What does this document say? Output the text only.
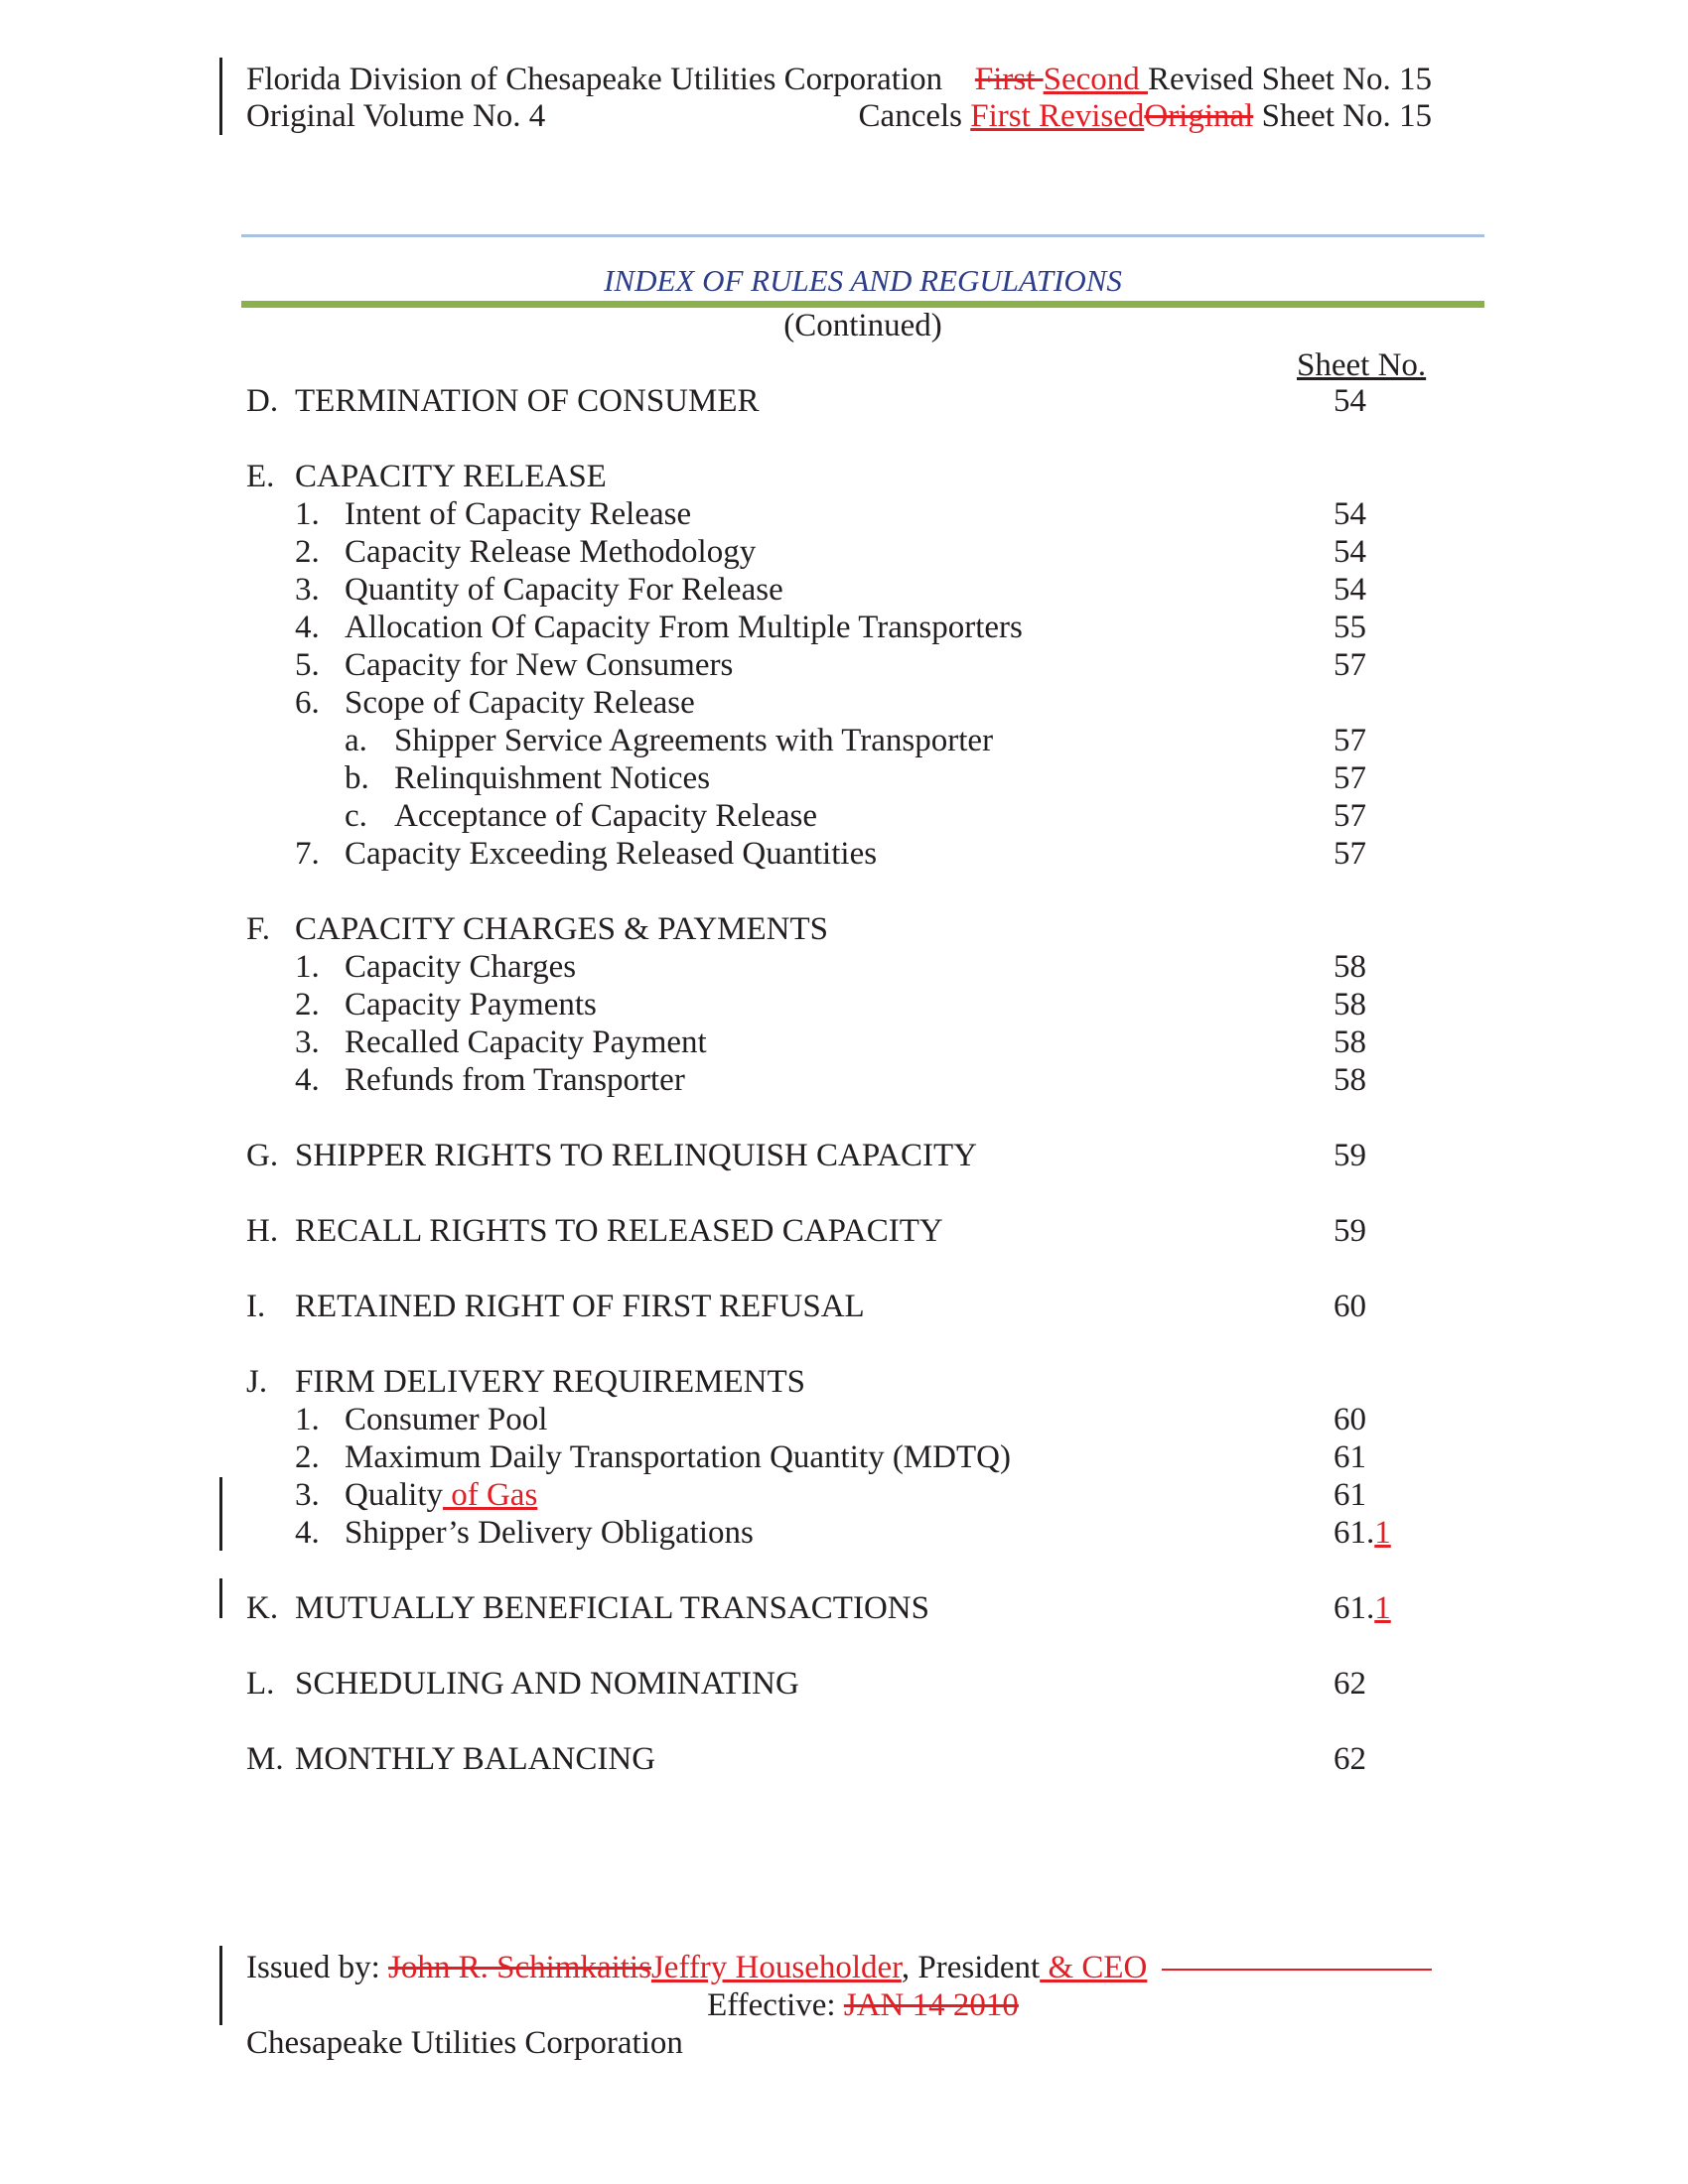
Florida Division of Chesapeake Utilities Corporation First Second Revised Sheet No. 15
Original Volume No. 4	Cancels First RevisedOriginal Sheet No. 15
INDEX OF RULES AND REGULATIONS
(Continued)
Sheet No.
D. TERMINATION OF CONSUMER	54
E. CAPACITY RELEASE
1. Intent of Capacity Release	54
2. Capacity Release Methodology	54
3. Quantity of Capacity For Release	54
4. Allocation Of Capacity From Multiple Transporters	55
5. Capacity for New Consumers	57
6. Scope of Capacity Release
a. Shipper Service Agreements with Transporter	57
b. Relinquishment Notices	57
c. Acceptance of Capacity Release	57
7. Capacity Exceeding Released Quantities	57
F. CAPACITY CHARGES & PAYMENTS
1. Capacity Charges	58
2. Capacity Payments	58
3. Recalled Capacity Payment	58
4. Refunds from Transporter	58
G. SHIPPER RIGHTS TO RELINQUISH CAPACITY	59
H. RECALL RIGHTS TO RELEASED CAPACITY	59
I. RETAINED RIGHT OF FIRST REFUSAL	60
J. FIRM DELIVERY REQUIREMENTS
1. Consumer Pool	60
2. Maximum Daily Transportation Quantity (MDTQ)	61
3. Quality of Gas	61
4. Shipper’s Delivery Obligations	61.1
K. MUTUALLY BENEFICIAL TRANSACTIONS	61.1
L. SCHEDULING AND NOMINATING	62
M. MONTHLY BALANCING	62
Issued by: John R. SchimkaitisJeffry Householder, President & CEO
Effective: JAN 14 2010
Chesapeake Utilities Corporation
